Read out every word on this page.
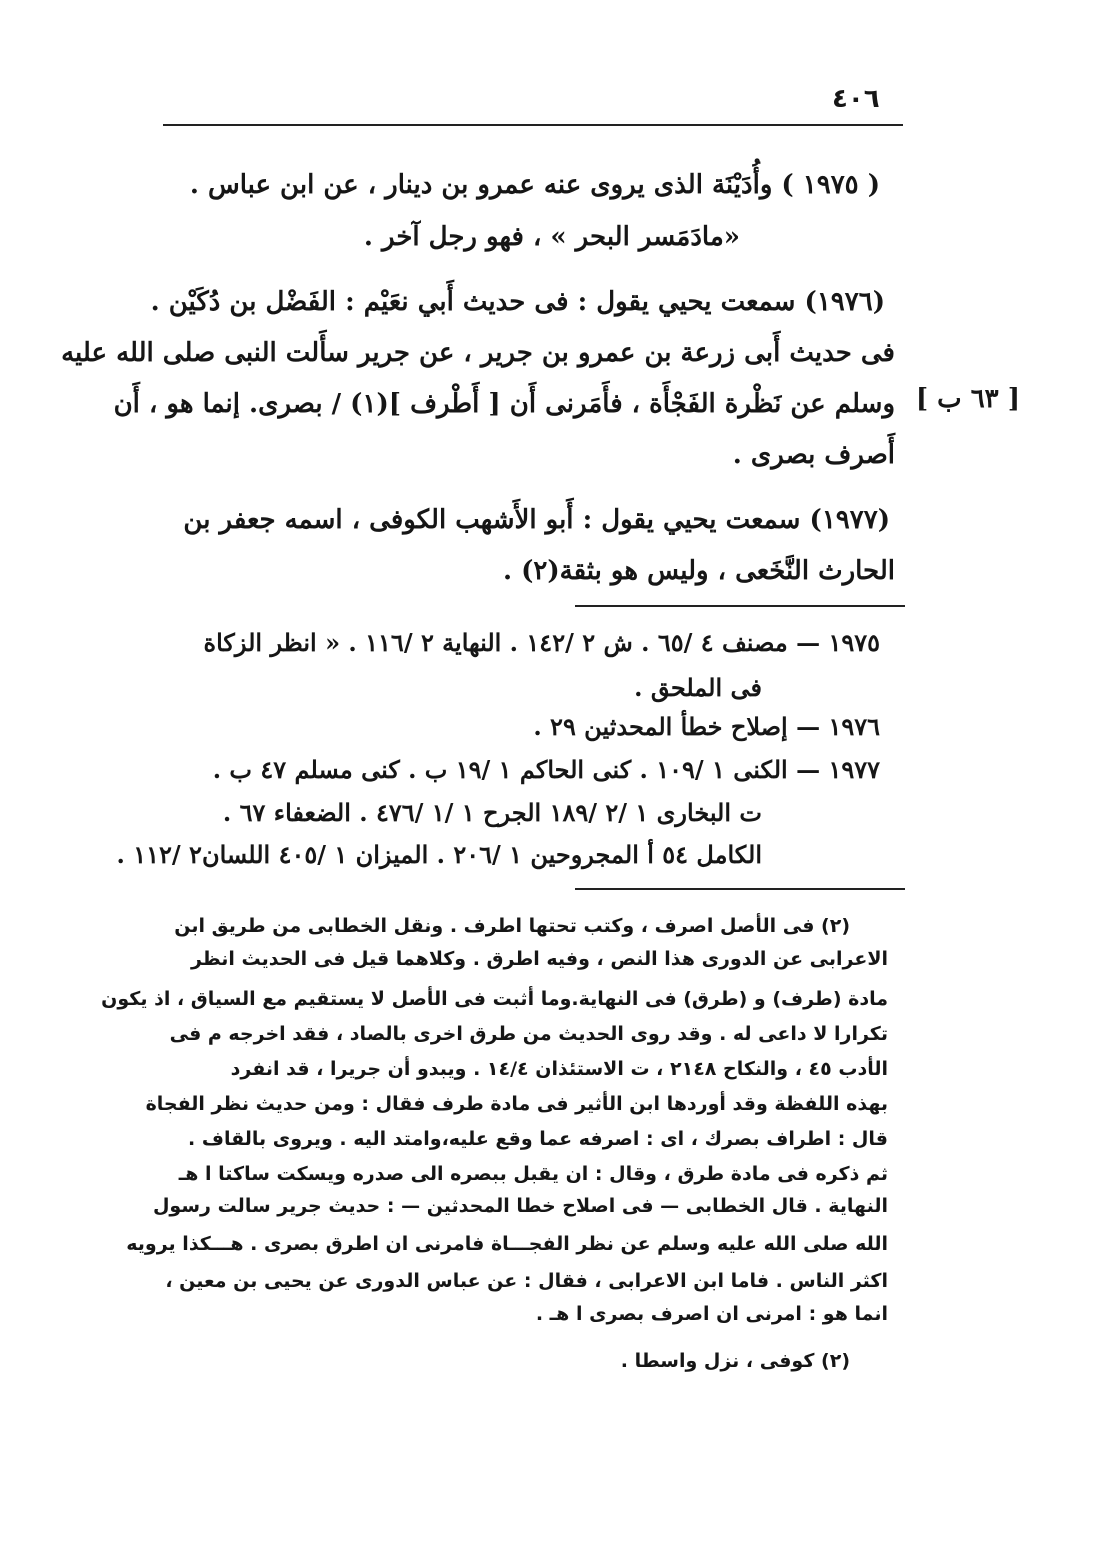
٤٠٦
( ١٩٧٥ ) وأُدَيْنَة الذى يروى عنه عمرو بن دينار ، عن ابن عباس .
«مادَمَسر البحر » ، فهو رجل آخر .
(١٩٧٦) سمعت يحيي يقول : فى حديث أَبي نعَيْم : الفَضْل بن دُكَيْن .
فى حديث أَبى زرعة بن عمرو بن جرير ، عن جرير سأَلت النبى صلى الله عليه
وسلم عن نَظْرة الفَجْأَة ، فأَمَرنى أَن [ أَطْرف ](١) / بصرى. إنما هو ، أَن [ ٦٣ ب ]
أَصرف بصرى .
(١٩٧٧) سمعت يحيي يقول : أَبو الأَشهب الكوفى ، اسمه جعفر بن
الحارث النَّخَعى ، وليس هو بثقة(٢) .
١٩٧٥ — مصنف ٤ /٦٥ . ش ٢ /١٤٢ . النهاية ٢ /١١٦ . « انظر الزكاة
فى الملحق .
١٩٧٦ — إصلاح خطأ المحدثين ٢٩ .
١٩٧٧ — الكنى ١ /١٠٩ . كنى الحاكم ١ /١٩ ب . كنى مسلم ٤٧ ب .
ت البخارى ١ /٢ /١٨٩ الجرح ١ /١ /٤٧٦ . الضعفاء ٦٧ .
الكامل ٥٤ أ المجروحين ١ /٢٠٦ . الميزان ١ /٤٠٥ اللسان٢ /١١٢ .
(٢) فى الأصل اصرف ، وكتب تحتها اطرف . ونقل الخطابى من طريق ابن
الاعرابى عن الدورى هذا النص ، وفيه اطرق . وكلاهما قيل فى الحديث انظر
مادة (طرف) و (طرق) فى النهاية.وما أثبت فى الأصل لا يستقيم مع السياق ، اذ يكون
تكرارا لا داعى له . وقد روى الحديث من طرق اخرى بالصاد ، فقد اخرجه م فى
الأدب ٤٥ ، والنكاح ٢١٤٨ ، ت الاستئذان ١٤/٤ . ويبدو أن جريرا ، قد انفرد
بهذه اللفظة وقد أوردها ابن الأثير فى مادة طرف فقال : ومن حديث نظر الفجاة
قال : اطراف بصرك ، اى : اصرفه عما وقع عليه،وامتد اليه . ويروى بالقاف .
ثم ذكره فى مادة طرق ، وقال : ان يقبل ببصره الى صدره ويسكت ساكتا ا هـ
النهاية . قال الخطابى — فى اصلاح خطا المحدثين — : حديث جرير سالت رسول
الله صلى الله عليه وسلم عن نظر الفجـــاة فامرنى ان اطرق بصرى . هـــكذا يرويه
اكثر الناس . فاما ابن الاعرابى ، فقال : عن عباس الدورى عن يحيى بن معين ،
انما هو : امرنى ان اصرف بصرى ا هـ .
(٢) كوفى ، نزل واسطا .
